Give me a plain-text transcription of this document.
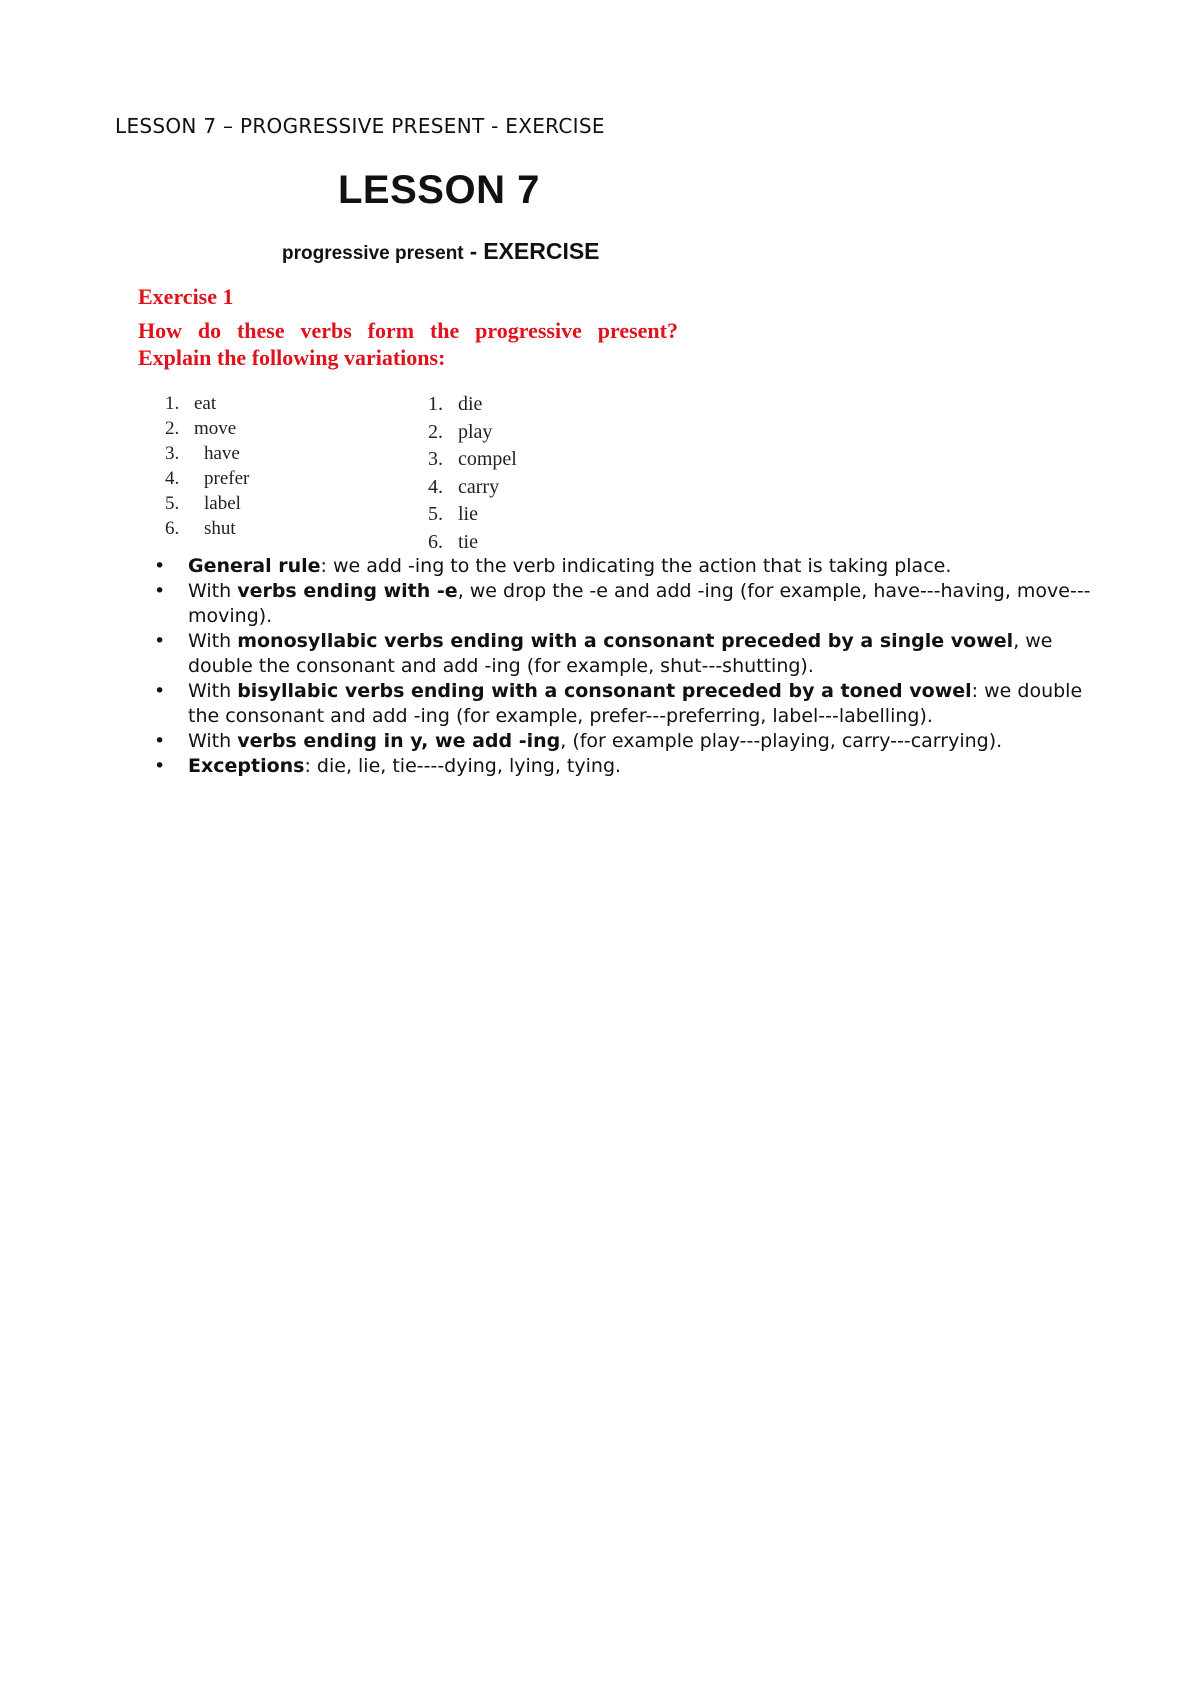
LESSON 7 – PROGRESSIVE PRESENT - EXERCISE
LESSON 7
progressive present - EXERCISE
Exercise 1
How do these verbs form the progressive present?
Explain the following variations:
1. eat
2. move
3. have
4. prefer
5. label
6. shut
1. die
2. play
3. compel
4. carry
5. lie
6. tie
• General rule: we add -ing to the verb indicating the action that is taking place.
• With verbs ending with -e, we drop the -e and add -ing (for example, have---having, move---moving).
• With monosyllabic verbs ending with a consonant preceded by a single vowel, we double the consonant and add -ing (for example, shut---shutting).
• With bisyllabic verbs ending with a consonant preceded by a toned vowel: we double the consonant and add -ing (for example, prefer---preferring, label---labelling).
• With verbs ending in y, we add -ing, (for example play---playing, carry---carrying).
• Exceptions: die, lie, tie----dying, lying, tying.
